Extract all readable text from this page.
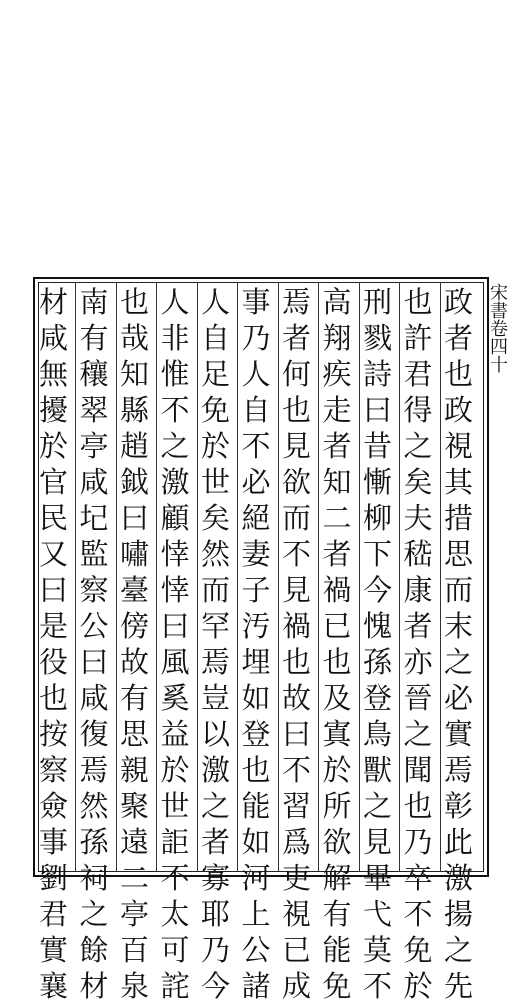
宋書卷四十
政
者
也
政
視
其
措
思
而
末
之
必
實
焉
彰
此
激
揚
之
先
也
許
君
得
之
矣
夫
嵇
康
者
亦
晉
之
聞
也
乃
卒
不
免
於
刑
戮
詩
曰
昔
慚
柳
下
今
愧
孫
登
鳥
獸
之
見
畢
弋
莫
不
高
翔
疾
走
者
知
二
者
禍
已
也
及
寘
於
所
欲
解
有
能
免
焉
者
何
也
見
欲
而
不
見
禍
也
故
曰
不
習
爲
吏
視
已
成
事
乃
人
自
不
必
絕
妻
子
汚
埋
如
登
也
能
如
河
上
公
諸
人
自
足
免
於
世
矣
然
而
罕
焉
豈
以
激
之
者
寡
耶
乃
今
人
非
惟
不
之
激
顧
悻
悻
曰
風
奚
益
於
世
詎
不
太
可
詫
也
哉
知
縣
趙
鉞
曰
嘯
臺
傍
故
有
思
親
聚
遠
二
亭
百
泉
南
有
穰
翠
亭
咸
圮
監
察
公
曰
咸
復
焉
然
孫
祠
之
餘
材
材
咸
無
擾
於
官
民
又
曰
是
役
也
按
察
僉
事
劉
君
實
襄
